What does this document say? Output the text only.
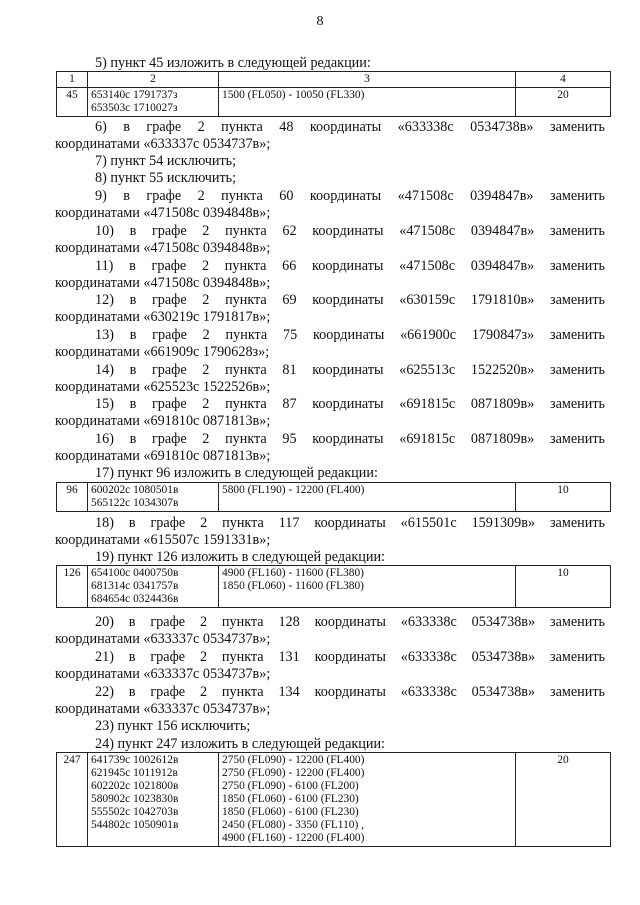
8
5) пункт 45 изложить в следующей редакции:
1	2	3	4
45	653140с 1791737з
653503с 1710027з	1500 (FL050) - 10050 (FL330)	20
6) в графе 2 пункта 48 координаты «633338с 0534738в» заменить
координатами «633337с 0534737в»;
7) пункт 54 исключить;
8) пункт 55 исключить;
9) в графе 2 пункта 60 координаты «471508с 0394847в» заменить
координатами «471508с 0394848в»;
10) в графе 2 пункта 62 координаты «471508с 0394847в» заменить
координатами «471508с 0394848в»;
11) в графе 2 пункта 66 координаты «471508с 0394847в» заменить
координатами «471508с 0394848в»;
12) в графе 2 пункта 69 координаты «630159с 1791810в» заменить
координатами «630219с 1791817в»;
13) в графе 2 пункта 75 координаты «661900с 1790847з» заменить
координатами «661909с 1790628з»;
14) в графе 2 пункта 81 координаты «625513с 1522520в» заменить
координатами «625523с 1522526в»;
15) в графе 2 пункта 87 координаты «691815с 0871809в» заменить
координатами «691810с 0871813в»;
16) в графе 2 пункта 95 координаты «691815с 0871809в» заменить
координатами «691810с 0871813в»;
17) пункт 96 изложить в следующей редакции:
96	600202с 1080501в
565122с 1034307в

5800 (FL190) - 12200 (FL400)	10
18) в графе 2 пункта 117 координаты «615501с 1591309в» заменить
координатами «615507с 1591331в»;
19) пункт 126 изложить в следующей редакции:
126	654100с 0400750в
681314с 0341757в
684654с 0324436в

4900 (FL160) - 11600 (FL380)
1850 (FL060) - 11600 (FL380)
	10
20) в графе 2 пункта 128 координаты «633338с 0534738в» заменить
координатами «633337с 0534737в»;
21) в графе 2 пункта 131 координаты «633338с 0534738в» заменить
координатами «633337с 0534737в»;
22) в графе 2 пункта 134 координаты «633338с 0534738в» заменить
координатами «633337с 0534737в»;
23) пункт 156 исключить;
24) пункт 247 изложить в следующей редакции:
247	641739с 1002612в
621945с 1011912в
602202с 1021800в
580902с 1023830в
555502с 1042703в
544802с 1050901в

2750 (FL090) - 12200 (FL400)
2750 (FL090) - 12200 (FL400)
2750 (FL090) - 6100 (FL200)
1850 (FL060) - 6100 (FL230)
1850 (FL060) - 6100 (FL230)
2450 (FL080) - 3350 (FL110) ,
4900 (FL160) - 12200 (FL400)
	20
